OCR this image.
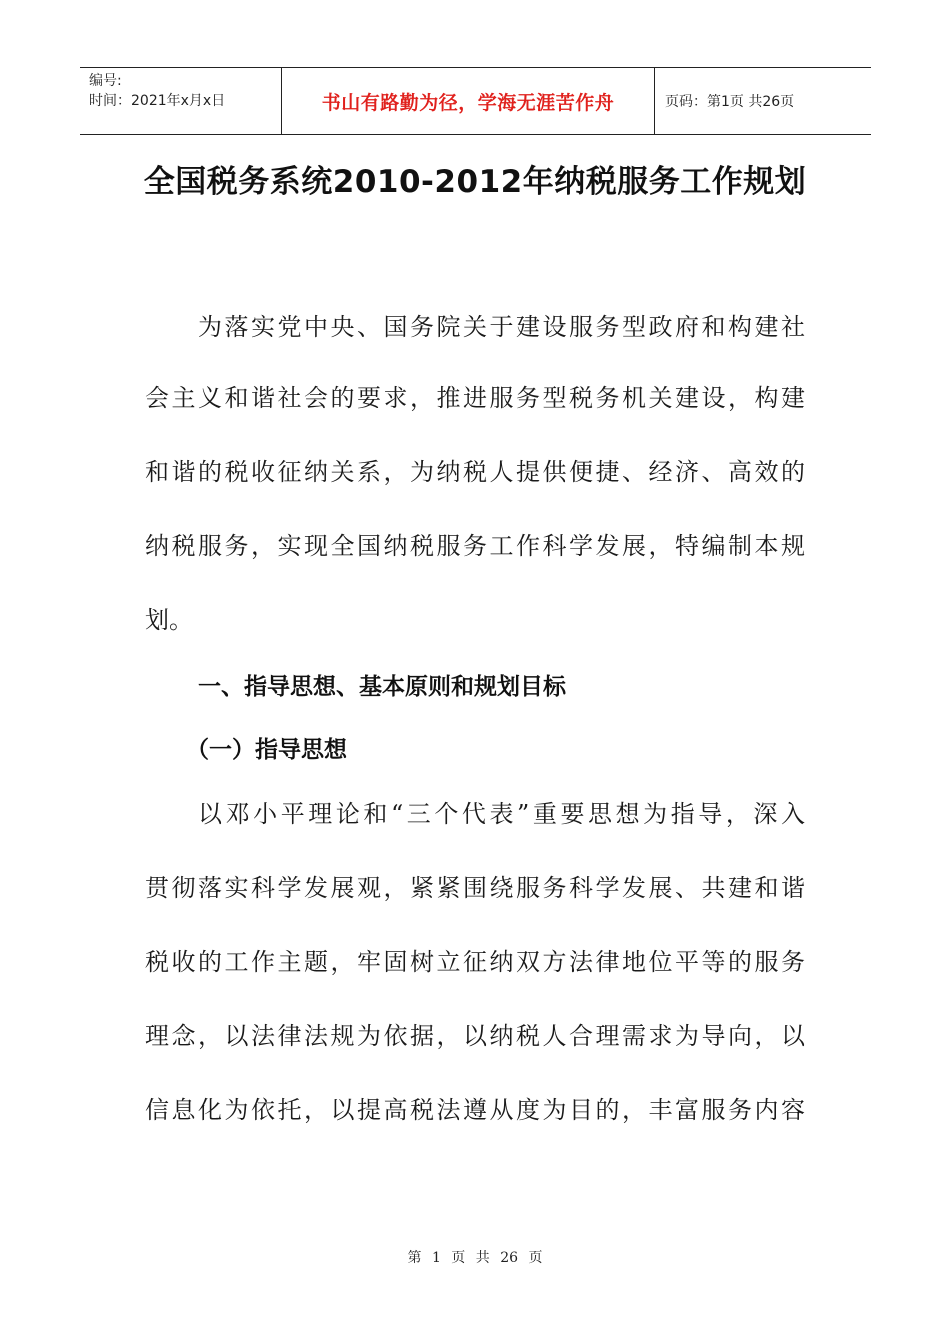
编号:
时间：2021年x月x日	书山有路勤为径，学海无涯苦作舟	页码：第1页 共26页
全国税务系统2010-2012年纳税服务工作规划
为落实党中央、国务院关于建设服务型政府和构建社
会主义和谐社会的要求，推进服务型税务机关建设，构建
和谐的税收征纳关系，为纳税人提供便捷、经济、高效的
纳税服务，实现全国纳税服务工作科学发展，特编制本规
划。
一、指导思想、基本原则和规划目标
（一）指导思想
以邓小平理论和“三个代表”重要思想为指导，深入
贯彻落实科学发展观，紧紧围绕服务科学发展、共建和谐
税收的工作主题，牢固树立征纳双方法律地位平等的服务
理念，以法律法规为依据，以纳税人合理需求为导向，以
信息化为依托，以提高税法遵从度为目的，丰富服务内容
第 1 页 共 26 页
